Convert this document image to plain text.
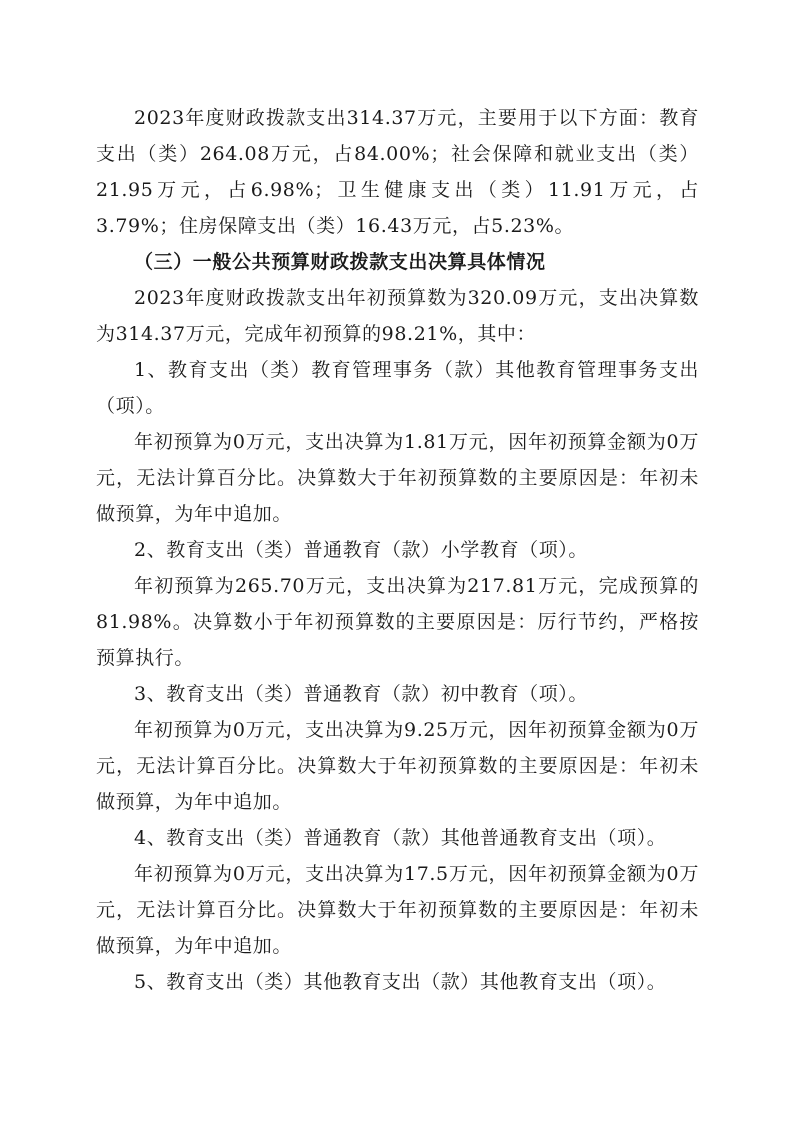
2023年度财政拨款支出314.37万元，主要用于以下方面：教育支出（类）264.08万元，占84.00%；社会保障和就业支出（类）21.95万元，占6.98%；卫生健康支出（类）11.91万元，占3.79%；住房保障支出（类）16.43万元，占5.23%。

（三）一般公共预算财政拨款支出决算具体情况

2023年度财政拨款支出年初预算数为320.09万元，支出决算数为314.37万元，完成年初预算的98.21%，其中：

1、教育支出（类）教育管理事务（款）其他教育管理事务支出（项）。

年初预算为0万元，支出决算为1.81万元，因年初预算金额为0万元，无法计算百分比。决算数大于年初预算数的主要原因是：年初未做预算，为年中追加。

2、教育支出（类）普通教育（款）小学教育（项）。

年初预算为265.70万元，支出决算为217.81万元，完成预算的81.98%。决算数小于年初预算数的主要原因是：厉行节约，严格按预算执行。

3、教育支出（类）普通教育（款）初中教育（项）。

年初预算为0万元，支出决算为9.25万元，因年初预算金额为0万元，无法计算百分比。决算数大于年初预算数的主要原因是：年初未做预算，为年中追加。

4、教育支出（类）普通教育（款）其他普通教育支出（项）。

年初预算为0万元，支出决算为17.5万元，因年初预算金额为0万元，无法计算百分比。决算数大于年初预算数的主要原因是：年初未做预算，为年中追加。

5、教育支出（类）其他教育支出（款）其他教育支出（项）。
